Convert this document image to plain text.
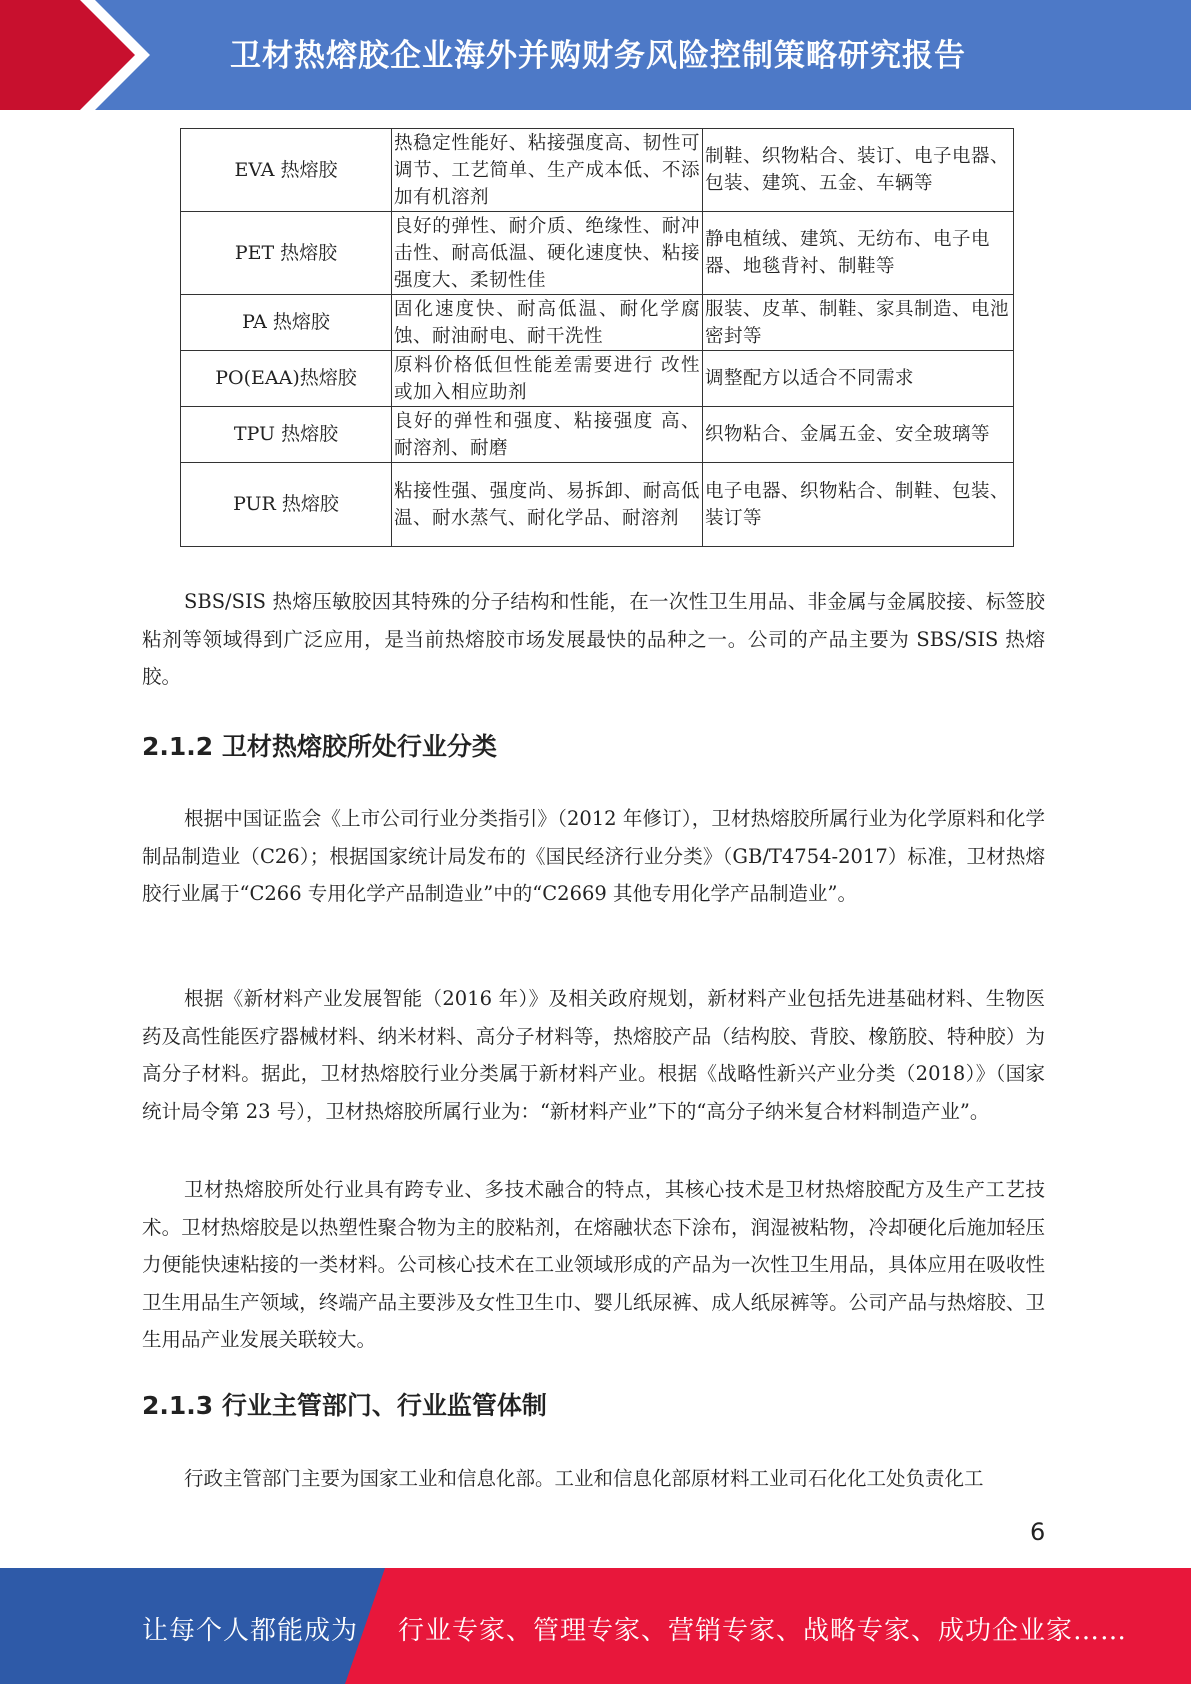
卫材热熔胶企业海外并购财务风险控制策略研究报告
EVA 热熔胶	热稳定性能好、粘接强度高、韧性可调节、工艺简单、生产成本低、不添加有机溶剂	制鞋、织物粘合、装订、电子电器、包装、建筑、五金、车辆等
PET 热熔胶	良好的弹性、耐介质、绝缘性、耐冲击性、耐高低温、硬化速度快、粘接强度大、柔韧性佳	静电植绒、建筑、无纺布、电子电器、地毯背衬、制鞋等
PA 热熔胶	固化速度快、耐高低温、耐化学腐蚀、耐油耐电、耐干洗性	服装、皮革、制鞋、家具制造、电池密封等
PO(EAA)热熔胶	原料价格低但性能差需要进行 改性或加入相应助剂	调整配方以适合不同需求
TPU 热熔胶	良好的弹性和强度、粘接强度 高、耐溶剂、耐磨	织物粘合、金属五金、安全玻璃等
PUR 热熔胶	粘接性强、强度尚、易拆卸、耐高低温、耐水蒸气、耐化学品、耐溶剂	电子电器、织物粘合、制鞋、包装、装订等

SBS/SIS 热熔压敏胶因其特殊的分子结构和性能，在一次性卫生用品、非金属与金属胶接、标签胶粘剂等领域得到广泛应用，是当前热熔胶市场发展最快的品种之一。公司的产品主要为 SBS/SIS 热熔胶。

2.1.2 卫材热熔胶所处行业分类

根据中国证监会《上市公司行业分类指引》（2012 年修订），卫材热熔胶所属行业为化学原料和化学制品制造业（C26）；根据国家统计局发布的《国民经济行业分类》（GB/T4754-2017）标准，卫材热熔胶行业属于“C266 专用化学产品制造业”中的“C2669 其他专用化学产品制造业”。

根据《新材料产业发展智能（2016 年）》及相关政府规划，新材料产业包括先进基础材料、生物医药及高性能医疗器械材料、纳米材料、高分子材料等，热熔胶产品（结构胶、背胶、橡筋胶、特种胶）为高分子材料。据此，卫材热熔胶行业分类属于新材料产业。根据《战略性新兴产业分类（2018）》（国家统计局令第 23 号），卫材热熔胶所属行业为：“新材料产业”下的“高分子纳米复合材料制造产业”。

卫材热熔胶所处行业具有跨专业、多技术融合的特点，其核心技术是卫材热熔胶配方及生产工艺技术。卫材热熔胶是以热塑性聚合物为主的胶粘剂，在熔融状态下涂布，润湿被粘物，冷却硬化后施加轻压力便能快速粘接的一类材料。公司核心技术在工业领域形成的产品为一次性卫生用品，具体应用在吸收性卫生用品生产领域，终端产品主要涉及女性卫生巾、婴儿纸尿裤、成人纸尿裤等。公司产品与热熔胶、卫生用品产业发展关联较大。

2.1.3 行业主管部门、行业监管体制

行政主管部门主要为国家工业和信息化部。工业和信息化部原材料工业司石化化工处负责化工

6
让每个人都能成为 行业专家、管理专家、营销专家、战略专家、成功企业家……
